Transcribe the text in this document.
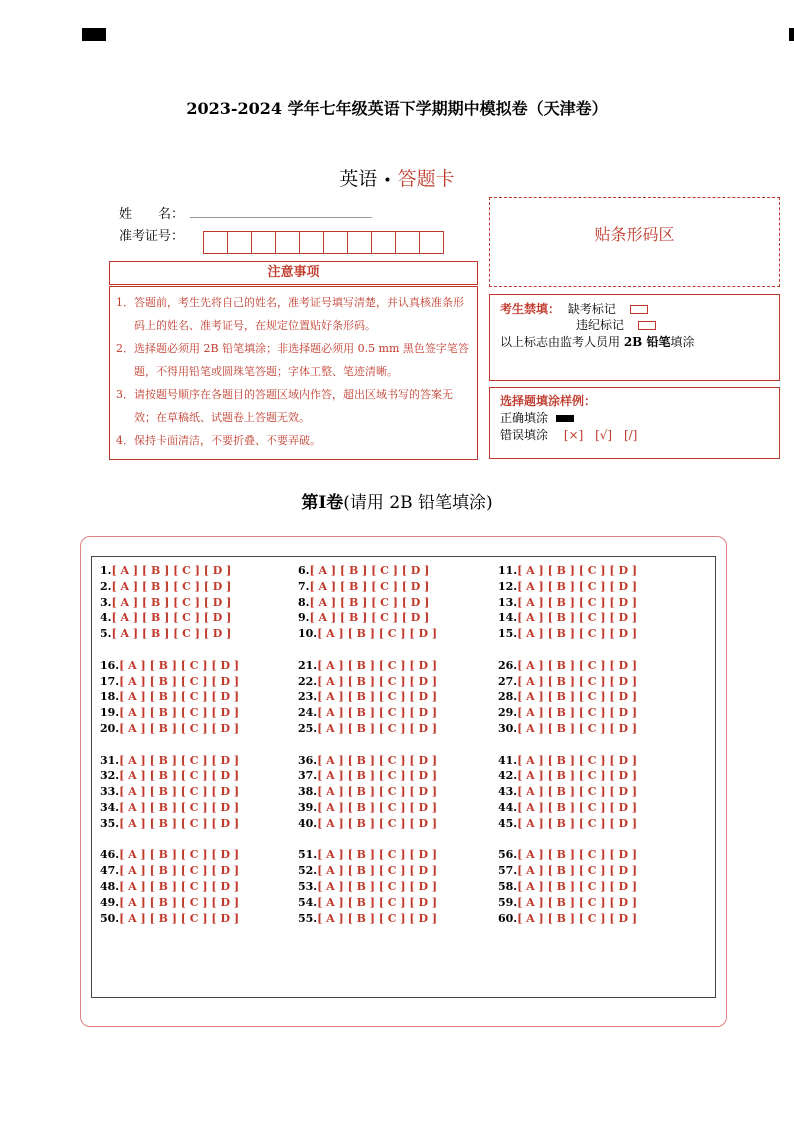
2023-2024 学年七年级英语下学期期中模拟卷（天津卷）
英语 • 答题卡
姓　　名：
准考证号：	贴条形码区
注意事项

1．答题前，考生先将自己的姓名，准考证号填写清楚，并认真核准条形码上的姓名、准考证号，在规定位置贴好条形码。

2．选择题必须用 2B 铅笔填涂；非选择题必须用 0.5 mm 黑色签字笔答题，不得用铅笔或圆珠笔答题；字体工整、笔迹清晰。

3．请按题号顺序在各题目的答题区域内作答，超出区域书写的答案无效；在草稿纸、试题卷上答题无效。

4．保持卡面清洁，不要折叠、不要弄破。

考生禁填： 缺考标记
违纪标记
以上标志由监考人员用 2B 铅笔填涂
选择题填涂样例：
正确填涂
错误填涂 [×] [√] [/]
第Ⅰ卷(请用 2B 铅笔填涂)
1.[ A ] [ B ] [ C ] [ D ]
2.[ A ] [ B ] [ C ] [ D ]
3.[ A ] [ B ] [ C ] [ D ]
4.[ A ] [ B ] [ C ] [ D ]
5.[ A ] [ B ] [ C ] [ D ]
16.[ A ] [ B ] [ C ] [ D ]
17.[ A ] [ B ] [ C ] [ D ]
18.[ A ] [ B ] [ C ] [ D ]
19.[ A ] [ B ] [ C ] [ D ]
20.[ A ] [ B ] [ C ] [ D ]
31.[ A ] [ B ] [ C ] [ D ]
32.[ A ] [ B ] [ C ] [ D ]
33.[ A ] [ B ] [ C ] [ D ]
34.[ A ] [ B ] [ C ] [ D ]
35.[ A ] [ B ] [ C ] [ D ]
46.[ A ] [ B ] [ C ] [ D ]
47.[ A ] [ B ] [ C ] [ D ]
48.[ A ] [ B ] [ C ] [ D ]
49.[ A ] [ B ] [ C ] [ D ]
50.[ A ] [ B ] [ C ] [ D ]
6.[ A ] [ B ] [ C ] [ D ]
7.[ A ] [ B ] [ C ] [ D ]
8.[ A ] [ B ] [ C ] [ D ]
9.[ A ] [ B ] [ C ] [ D ]
10.[ A ] [ B ] [ C ] [ D ]
21.[ A ] [ B ] [ C ] [ D ]
22.[ A ] [ B ] [ C ] [ D ]
23.[ A ] [ B ] [ C ] [ D ]
24.[ A ] [ B ] [ C ] [ D ]
25.[ A ] [ B ] [ C ] [ D ]
36.[ A ] [ B ] [ C ] [ D ]
37.[ A ] [ B ] [ C ] [ D ]
38.[ A ] [ B ] [ C ] [ D ]
39.[ A ] [ B ] [ C ] [ D ]
40.[ A ] [ B ] [ C ] [ D ]
51.[ A ] [ B ] [ C ] [ D ]
52.[ A ] [ B ] [ C ] [ D ]
53.[ A ] [ B ] [ C ] [ D ]
54.[ A ] [ B ] [ C ] [ D ]
55.[ A ] [ B ] [ C ] [ D ]
11.[ A ] [ B ] [ C ] [ D ]
12.[ A ] [ B ] [ C ] [ D ]
13.[ A ] [ B ] [ C ] [ D ]
14.[ A ] [ B ] [ C ] [ D ]
15.[ A ] [ B ] [ C ] [ D ]
26.[ A ] [ B ] [ C ] [ D ]
27.[ A ] [ B ] [ C ] [ D ]
28.[ A ] [ B ] [ C ] [ D ]
29.[ A ] [ B ] [ C ] [ D ]
30.[ A ] [ B ] [ C ] [ D ]
41.[ A ] [ B ] [ C ] [ D ]
42.[ A ] [ B ] [ C ] [ D ]
43.[ A ] [ B ] [ C ] [ D ]
44.[ A ] [ B ] [ C ] [ D ]
45.[ A ] [ B ] [ C ] [ D ]
56.[ A ] [ B ] [ C ] [ D ]
57.[ A ] [ B ] [ C ] [ D ]
58.[ A ] [ B ] [ C ] [ D ]
59.[ A ] [ B ] [ C ] [ D ]
60.[ A ] [ B ] [ C ] [ D ]
